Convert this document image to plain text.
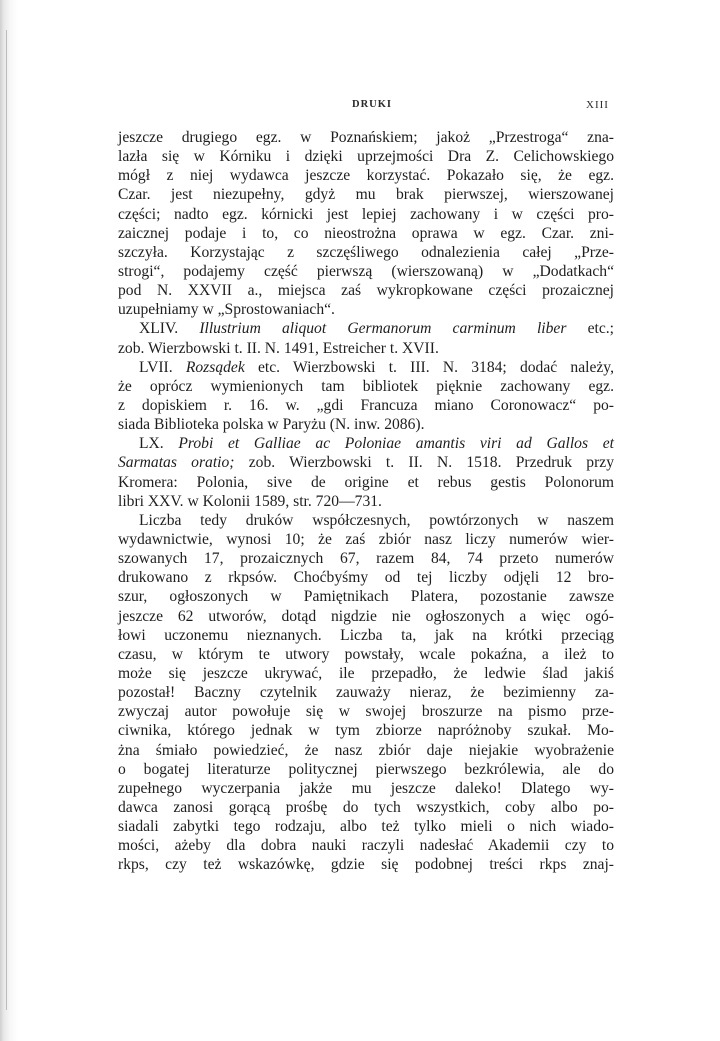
DRUKI	XIII
jeszcze drugiego egz. w Poznańskiem; jakoż „Przestroga“ zna-
lazła się w Kórniku i dzięki uprzejmości Dra Z. Celichowskiego
mógł z niej wydawca jeszcze korzystać. Pokazało się, że egz.
Czar. jest niezupełny, gdyż mu brak pierwszej, wierszowanej
części; nadto egz. kórnicki jest lepiej zachowany i w części pro-
zaicznej podaje i to, co nieostrożna oprawa w egz. Czar. zni-
szczyła. Korzystając z szczęśliwego odnalezienia całej „Prze-
strogi“, podajemy część pierwszą (wierszowaną) w „Dodatkach“
pod N. XXVII a., miejsca zaś wykropkowane części prozaicznej
uzupełniamy w „Sprostowaniach“.
XLIV. Illustrium aliquot Germanorum carminum liber etc.;
zob. Wierzbowski t. II. N. 1491, Estreicher t. XVII.
LVII. Rozsądek etc. Wierzbowski t. III. N. 3184; dodać należy,
że oprócz wymienionych tam bibliotek pięknie zachowany egz.
z dopiskiem r. 16. w. „gdi Francuza miano Coronowacz“ po-
siada Biblioteka polska w Paryżu (N. inw. 2086).
LX. Probi et Galliae ac Poloniae amantis viri ad Gallos et
Sarmatas oratio; zob. Wierzbowski t. II. N. 1518. Przedruk przy
Kromera: Polonia, sive de origine et rebus gestis Polonorum
libri XXV. w Kolonii 1589, str. 720—731.
Liczba tedy druków współczesnych, powtórzonych w naszem
wydawnictwie, wynosi 10; że zaś zbiór nasz liczy numerów wier-
szowanych 17, prozaicznych 67, razem 84, 74 przeto numerów
drukowano z rkpsów. Choćbyśmy od tej liczby odjęli 12 bro-
szur, ogłoszonych w Pamiętnikach Platera, pozostanie zawsze
jeszcze 62 utworów, dotąd nigdzie nie ogłoszonych a więc ogó-
łowi uczonemu nieznanych. Liczba ta, jak na krótki przeciąg
czasu, w którym te utwory powstały, wcale pokaźna, a ileż to
może się jeszcze ukrywać, ile przepadło, że ledwie ślad jakiś
pozostał! Baczny czytelnik zauważy nieraz, że bezimienny za-
zwyczaj autor powołuje się w swojej broszurze na pismo prze-
ciwnika, którego jednak w tym zbiorze napróżnoby szukał. Mo-
żna śmiało powiedzieć, że nasz zbiór daje niejakie wyobrażenie
o bogatej literaturze politycznej pierwszego bezkrólewia, ale do
zupełnego wyczerpania jakże mu jeszcze daleko! Dlatego wy-
dawca zanosi gorącą prośbę do tych wszystkich, coby albo po-
siadali zabytki tego rodzaju, albo też tylko mieli o nich wiado-
mości, ażeby dla dobra nauki raczyli nadesłać Akademii czy to
rkps, czy też wskazówkę, gdzie się podobnej treści rkps znaj-
